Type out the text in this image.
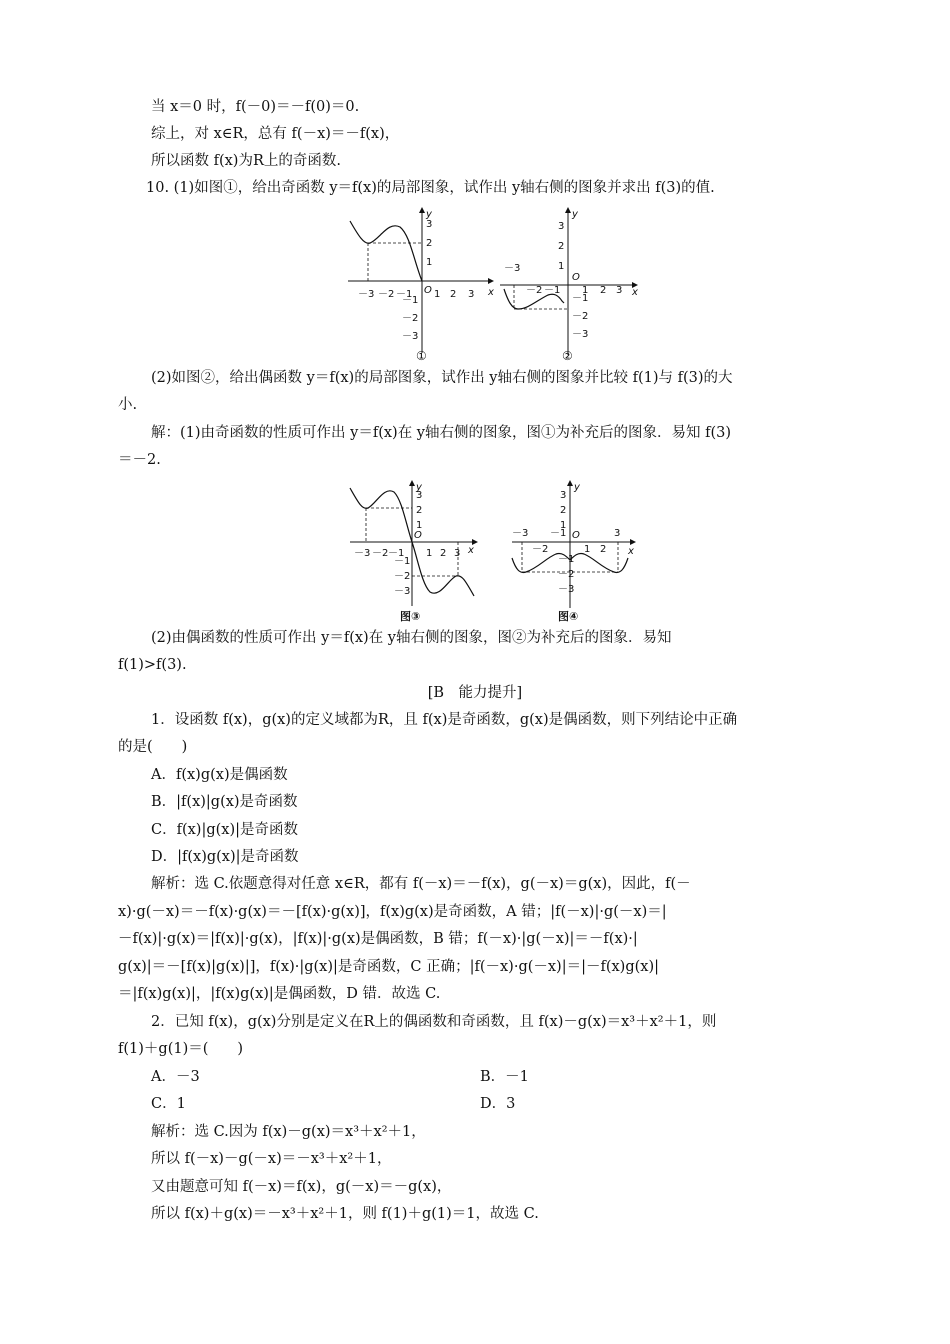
当 x＝0 时，f(－0)＝－f(0)＝0.
综上，对 x∈R，总有 f(－x)＝－f(x)，
所以函数 f(x)为R上的奇函数.
10. (1)如图①，给出奇函数 y＝f(x)的局部图象，试作出 y轴右侧的图象并求出 f(3)的值.
x
y
O
－3 －2 －1 1 2 3
3
2
1
－1
－2
－3
①
x
y
O
－3
－2 －1 1 2 3
3
2
1
－1
－2
－3
②
(2)如图②，给出偶函数 y＝f(x)的局部图象，试作出 y轴右侧的图象并比较 f(1)与 f(3)的大
小.
解：(1)由奇函数的性质可作出 y＝f(x)在 y轴右侧的图象，图①为补充后的图象．易知 f(3)
＝－2.
x
y
O
－3 －2 －1 1 2 3
3
2
1
－1
－2
－3
图③
x
y
O
－3
－2
－1
1 2
3
3
2
1
－1
－2
－3
图④
(2)由偶函数的性质可作出 y＝f(x)在 y轴右侧的图象，图②为补充后的图象．易知
f(1)>f(3).
[B　能力提升]
1．设函数 f(x)，g(x)的定义域都为R，且 f(x)是奇函数，g(x)是偶函数，则下列结论中正确
的是(　　)
A．f(x)g(x)是偶函数
B．|f(x)|g(x)是奇函数
C．f(x)|g(x)|是奇函数
D．|f(x)g(x)|是奇函数
解析：选 C.依题意得对任意 x∈R，都有 f(－x)＝－f(x)，g(－x)＝g(x)，因此，f(－
x)·g(－x)＝－f(x)·g(x)＝－[f(x)·g(x)]，f(x)g(x)是奇函数，A 错；|f(－x)|·g(－x)＝|
－f(x)|·g(x)＝|f(x)|·g(x)，|f(x)|·g(x)是偶函数，B 错；f(－x)·|g(－x)|＝－f(x)·|
g(x)|＝－[f(x)|g(x)|]，f(x)·|g(x)|是奇函数，C 正确；|f(－x)·g(－x)|＝|－f(x)g(x)|
＝|f(x)g(x)|，|f(x)g(x)|是偶函数，D 错．故选 C.
2．已知 f(x)，g(x)分别是定义在R上的偶函数和奇函数，且 f(x)－g(x)＝x³＋x²＋1，则
f(1)＋g(1)＝(　　)
A．－3	B．－1
C．1	D．3
解析：选 C.因为 f(x)－g(x)＝x³＋x²＋1，
所以 f(－x)－g(－x)＝－x³＋x²＋1，
又由题意可知 f(－x)＝f(x)，g(－x)＝－g(x)，
所以 f(x)＋g(x)＝－x³＋x²＋1，则 f(1)＋g(1)＝1，故选 C.
